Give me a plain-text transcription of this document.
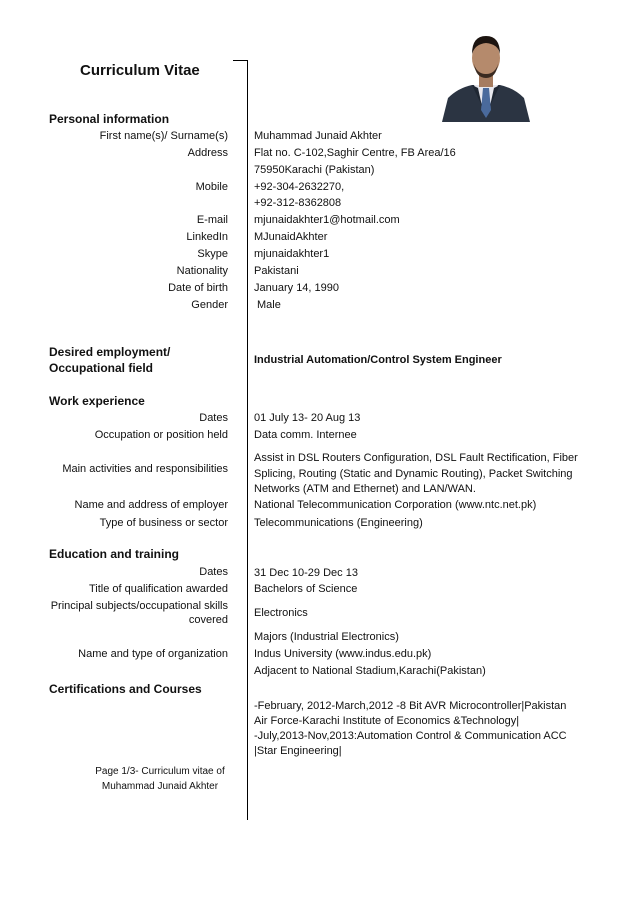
Curriculum Vitae
Personal information
First name(s)/ Surname(s) Muhammad Junaid Akhter
Address Flat no. C-102,Saghir Centre, FB Area/16
75950Karachi (Pakistan)
Mobile +92-304-2632270,
+92-312-8362808
E-mail mjunaidakhter1@hotmail.com
LinkedIn MJunaidAkhter
Skype mjunaidakhter1
Nationality Pakistani
Date of birth January 14, 1990
Gender	Male
Desired employment/
Occupational field
Industrial Automation/Control System Engineer
Work experience
Dates 01 July 13- 20 Aug 13
Occupation or position held Data comm. Internee
Main activities and responsibilities
Assist in DSL Routers Configuration, DSL Fault Rectification, Fiber
Splicing, Routing (Static and Dynamic Routing), Packet Switching
Networks (ATM and Ethernet) and LAN/WAN.
Name and address of employer National Telecommunication Corporation (www.ntc.net.pk)
Type of business or sector Telecommunications (Engineering)
Education and training
Dates 31 Dec 10-29 Dec 13
Title of qualification awarded Bachelors of Science
Principal subjects/occupational skills
covered
Electronics
Majors (Industrial Electronics)
Name and type of organization Indus University (www.indus.edu.pk)
Adjacent to National Stadium,Karachi(Pakistan)
Certifications and Courses
-February, 2012-March,2012 -8 Bit AVR Microcontroller|Pakistan
Air Force-Karachi Institute of Economics &Technology|
-July,2013-Nov,2013:Automation Control & Communication ACC
|Star Engineering|
Page 1/3- Curriculum vitae of
Muhammad Junaid Akhter
